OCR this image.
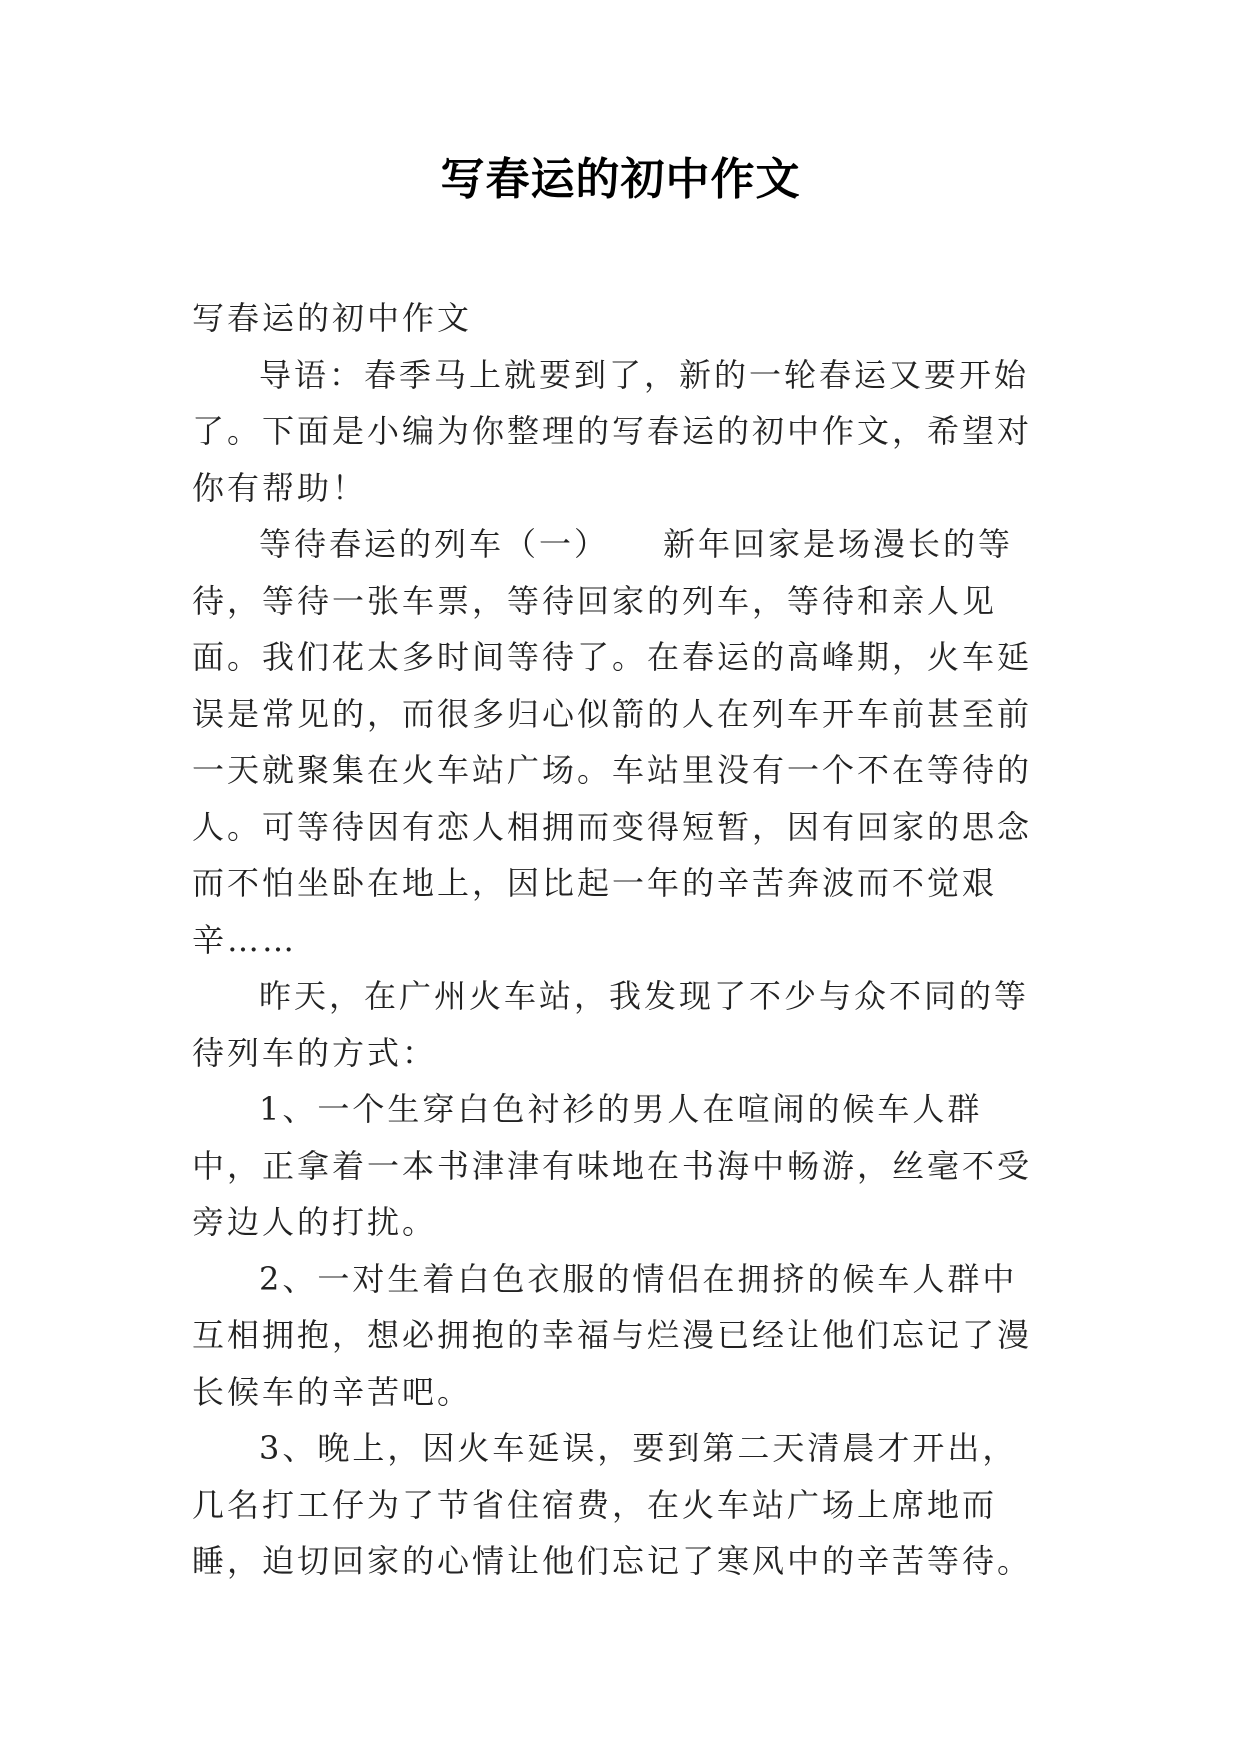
写春运的初中作文

写春运的初中作文

导语：春季马上就要到了，新的一轮春运又要开始了。下面是小编为你整理的写春运的初中作文，希望对你有帮助！

等待春运的列车（一）　　新年回家是场漫长的等待，等待一张车票，等待回家的列车，等待和亲人见面。我们花太多时间等待了。在春运的高峰期，火车延误是常见的，而很多归心似箭的人在列车开车前甚至前一天就聚集在火车站广场。车站里没有一个不在等待的人。可等待因有恋人相拥而变得短暂，因有回家的思念而不怕坐卧在地上，因比起一年的辛苦奔波而不觉艰辛……

昨天，在广州火车站，我发现了不少与众不同的等待列车的方式：

1、一个生穿白色衬衫的男人在喧闹的候车人群中，正拿着一本书津津有味地在书海中畅游，丝毫不受旁边人的打扰。

2、一对生着白色衣服的情侣在拥挤的候车人群中互相拥抱，想必拥抱的幸福与烂漫已经让他们忘记了漫长候车的辛苦吧。

3、晚上，因火车延误，要到第二天清晨才开出，几名打工仔为了节省住宿费，在火车站广场上席地而睡，迫切回家的心情让他们忘记了寒风中的辛苦等待。
